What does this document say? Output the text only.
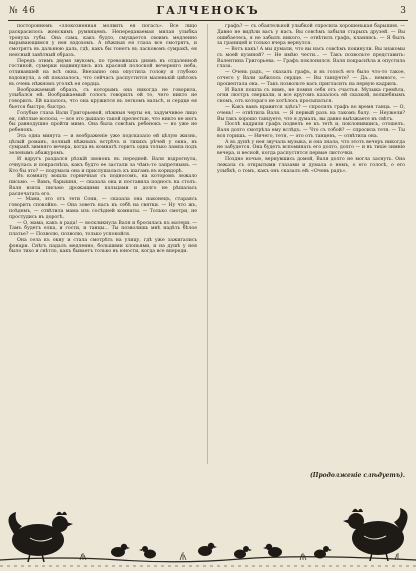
№ 46	ГАЛЧЕНОКЪ	3

постороннемъ «злокозненная молвить ея погасъ». Все лицо раскрасилось женскимъ румянцемъ. Непередаваемая милая улыбка тронула губы. Она сама, какъ будто, смущается своимъ медленно вырывающимся у нея вздохомъ. А нѣжныя ея глаза все смотрятъ, и смотрятъ въ дальнюю даль, гдѣ, какъ бы тонетъ въ ласковомъ сумракѣ, ея неясный завѣтный образъ.

Передъ этимъ двумя звукомъ, по тревожныхъ днямъ въ отдаленной гостиной, сумерки надвинулись изъ красной полоской вечерняго неба, отливавшей на всѣ окна. Внезапно она опустила голову и глубоко вздохнула, а ей показалось, что сейчасъ распустится маленькій цвѣтокъ въ очень нѣжномъ уголкѣ ея сердца.

Воображаемый образъ, съ которымъ она никогда не говорила, улыбался ей. Воображаемый голосъ говорилъ ей то, чего никто не говорилъ. Ей казалось, что она кружится въ легкомъ вальсѣ, и сердце ея бьется быстро, быстро.

Голубые глаза Вали Григорьевой, нѣжныя черты ея, задумчивое лицо ея, свѣтлые волосы, — все это дышало такой прелестью, что никто не могъ бы равнодушно пройти мимо. Она была совсѣмъ ребенокъ — но уже не ребенокъ.

Эта одна минута — и воображеніе уже подсказало ей цѣлую жизнь, цѣлый романъ, полный нѣжныхъ встрѣчъ и тихихъ рѣчей у окна, въ сумракѣ зимняго вечера, когда въ комнатѣ горитъ одна только лампа подъ зеленымъ абажуромъ.

И вдругъ раздался рѣзкій звонокъ въ передней. Валя вздрогнула, очнулась и покраснѣла, какъ будто ее застали за чѣмъ-то запретнымъ. — Кто бы это? — подумала она и прислушалась къ шагамъ въ коридорѣ.

Въ комнату вошла горничная съ подносомъ, на которомъ лежало письмо. — Вамъ, барышня, — сказала она и поставила подносъ на столъ. Валя взяла письмо дрожащими пальцами и долго не рѣшалась распечатать его.

— Мама, это отъ тети Сони, — сказала она наконецъ, стараясь говорить спокойно. — Она зоветъ насъ къ себѣ на святки. — Ну что жъ, поѣдемъ, — отвѣтила мама изъ сосѣдней комнаты. — Только смотри, не простудись въ дорогѣ.

— О, мама, какъ я рада! — воскликнула Валя и бросилась къ матери. — Тамъ будетъ елка, и гости, и танцы... Ты позволишь мнѣ надѣть бѣлое платье? — Позволю, позволю, только успокойся.

Она села къ окну и стала смотрѣть на улицу, гдѣ уже зажигались фонари. Снѣгъ падалъ медленно, большими хлопьями, и на душѣ у нея было тихо и свѣтло, какъ бываетъ только въ юности, когда все впереди.

графъ? — съ обаятельной улыбкой спросила хорошенькая барышня. — Давно не видѣли васъ у насъ. Вы совсѣмъ забыли старыхъ друзей. — Вы ошибаетесь, я не забылъ никого, — отвѣтилъ графъ, кланяясь. — Я былъ за границей и только вчера вернулся.

— Вотъ какъ! А мы думали, что вы насъ совсѣмъ покинули. Вы знакомы съ моей кузиной? — Не имѣю чести... — Такъ позвольте представить: Валентина Григорьева. — Графъ поклонился. Валя покраснѣла и опустила глаза.

— Очень радъ, — сказалъ графъ, и въ голосѣ его было что-то такое, отчего у Вали забилось сердце. — Вы танцуете? — Да... немного, — прошептала она. — Такъ позвольте васъ пригласить на первую кадриль.

И Валя пошла съ нимъ, не помня себя отъ счастья. Музыка гремѣла, огни люстръ сверкали, и все кругомъ казалось ей сказкой, волшебнымъ сномъ, отъ котораго не хотѣлось просыпаться.

— Какъ вамъ нравится здѣсь? — спросилъ графъ во время танца. — О, очень! — отвѣтила Валя. — Я первый разъ на такомъ балу. — Неужели? Вы такъ хорошо танцуете, что я думалъ, вы давно выѣзжаете въ свѣтъ.

Послѣ кадрили графъ подвелъ ее къ тетѣ и, поклонившись, отошелъ. Валя долго смотрѣла ему вслѣдъ. — Что съ тобой? — спросила тетя. — Ты вся горишь. — Ничего, тетя, — это отъ танцевъ, — отвѣтила она.

А въ душѣ у нея звучала музыка, и она знала, что этотъ вечеръ никогда не забудется. Она будетъ вспоминать его долго, долго — и въ тихіе зимніе вечера, и весной, когда распустятся первые листочки.

Поздно ночью, вернувшись домой, Валя долго не могла заснуть. Она лежала съ открытыми глазами и думала о немъ, о его голосѣ, о его улыбкѣ, о томъ, какъ онъ сказалъ ей: «Очень радъ».

(Продолженіе слѣдуетъ).
